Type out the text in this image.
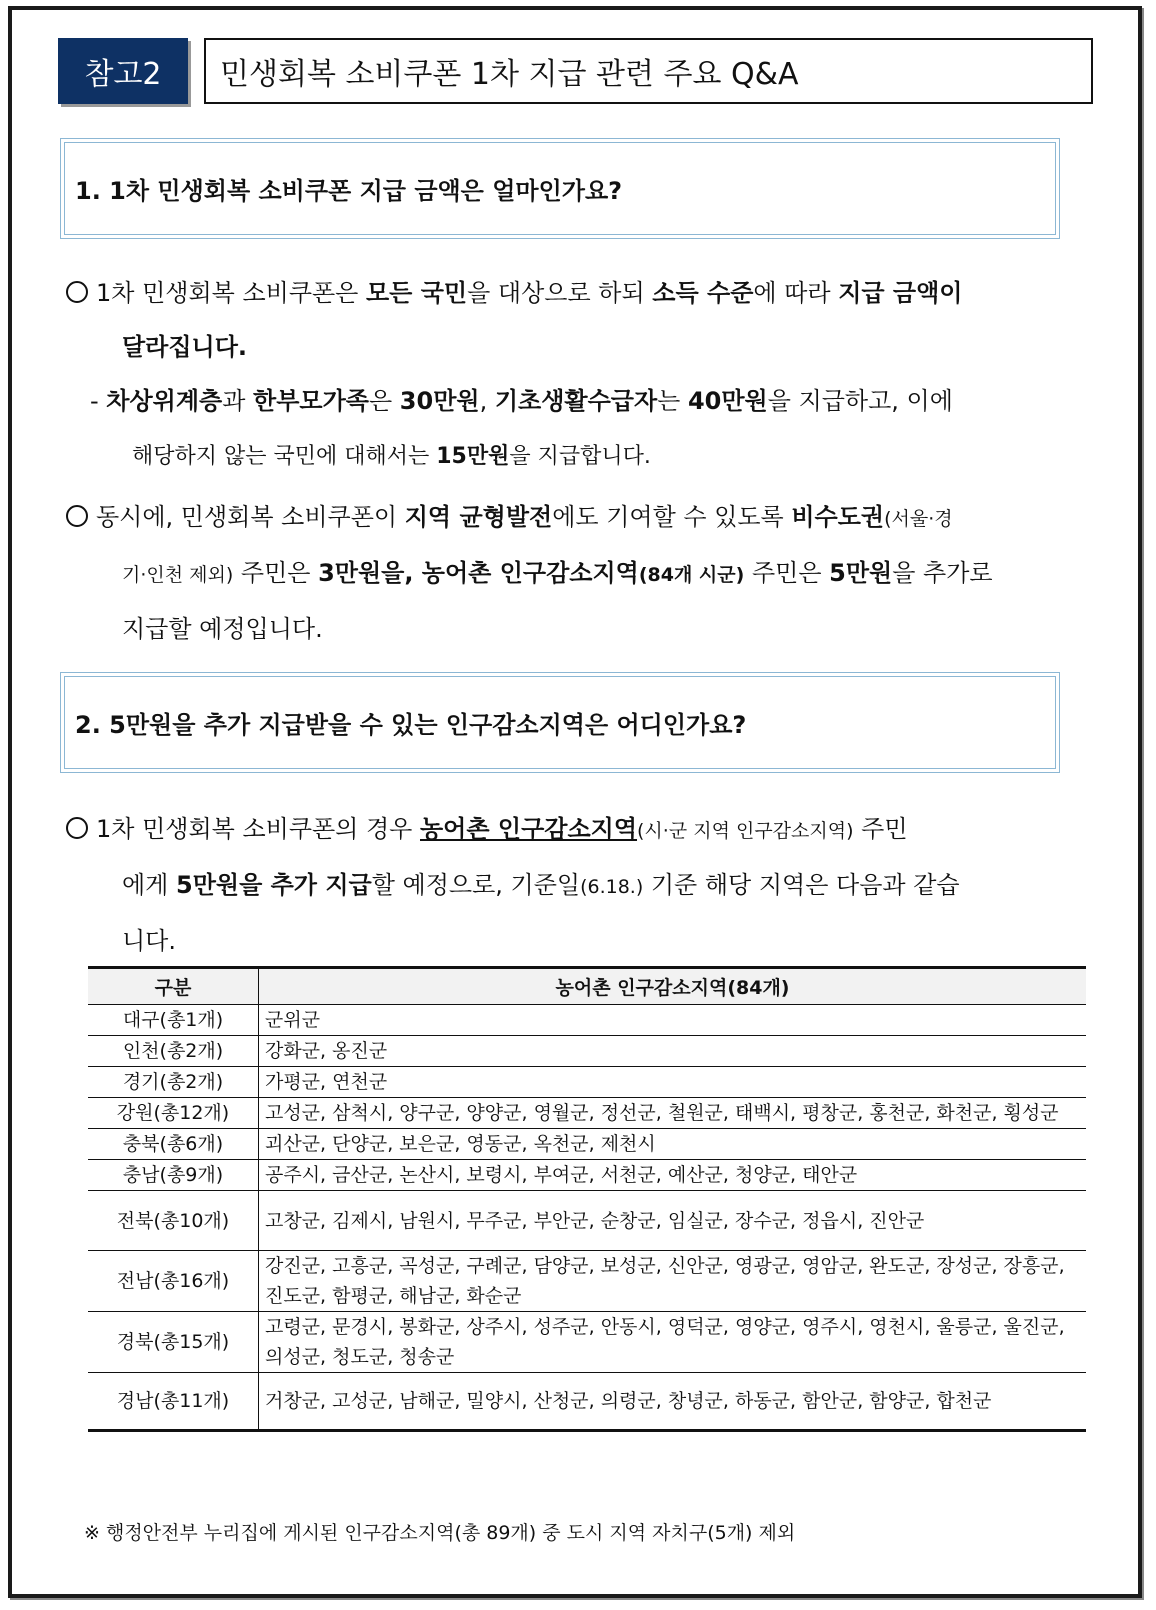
참고2	민생회복 소비쿠폰 1차 지급 관련 주요 Q&A
1. 1차 민생회복 소비쿠폰 지급 금액은 얼마인가요?
1차 민생회복 소비쿠폰은 모든 국민을 대상으로 하되 소득 수준에 따라 지급 금액이
달라집니다.
- 차상위계층과 한부모가족은 30만원, 기초생활수급자는 40만원을 지급하고, 이에
해당하지 않는 국민에 대해서는 15만원을 지급합니다.
동시에, 민생회복 소비쿠폰이 지역 균형발전에도 기여할 수 있도록 비수도권(서울·경
기·인천 제외) 주민은 3만원을, 농어촌 인구감소지역(84개 시군) 주민은 5만원을 추가로
지급할 예정입니다.
2. 5만원을 추가 지급받을 수 있는 인구감소지역은 어디인가요?
1차 민생회복 소비쿠폰의 경우 농어촌 인구감소지역(시·군 지역 인구감소지역) 주민
에게 5만원을 추가 지급할 예정으로, 기준일(6.18.) 기준 해당 지역은 다음과 같습
니다.
구분	농어촌 인구감소지역(84개)
대구(총1개)	군위군
인천(총2개)	강화군, 옹진군
경기(총2개)	가평군, 연천군
강원(총12개)	고성군, 삼척시, 양구군, 양양군, 영월군, 정선군, 철원군, 태백시, 평창군, 홍천군, 화천군, 횡성군
충북(총6개)	괴산군, 단양군, 보은군, 영동군, 옥천군, 제천시
충남(총9개)	공주시, 금산군, 논산시, 보령시, 부여군, 서천군, 예산군, 청양군, 태안군
전북(총10개)	고창군, 김제시, 남원시, 무주군, 부안군, 순창군, 임실군, 장수군, 정읍시, 진안군
전남(총16개)	강진군, 고흥군, 곡성군, 구례군, 담양군, 보성군, 신안군, 영광군, 영암군, 완도군, 장성군, 장흥군, 진도군, 함평군, 해남군, 화순군
경북(총15개)	고령군, 문경시, 봉화군, 상주시, 성주군, 안동시, 영덕군, 영양군, 영주시, 영천시, 울릉군, 울진군, 의성군, 청도군, 청송군
경남(총11개)	거창군, 고성군, 남해군, 밀양시, 산청군, 의령군, 창녕군, 하동군, 함안군, 함양군, 합천군
※ 행정안전부 누리집에 게시된 인구감소지역(총 89개) 중 도시 지역 자치구(5개) 제외
